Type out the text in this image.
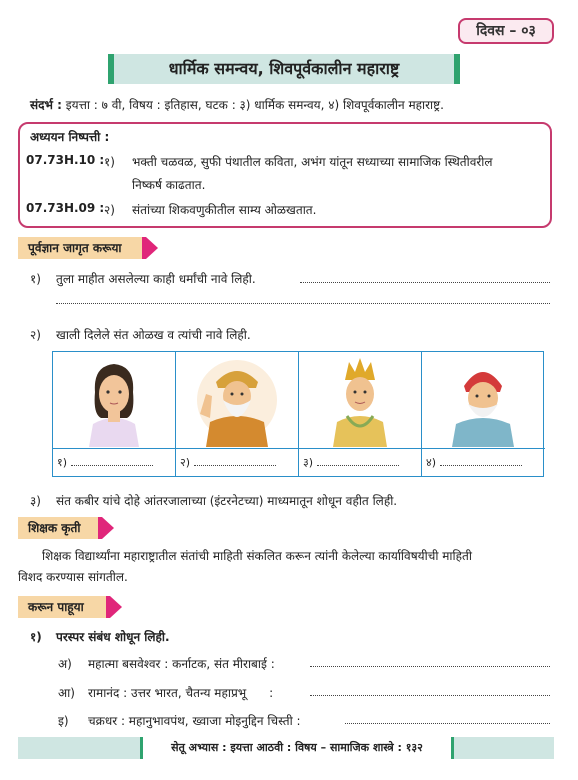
दिवस – ०३
धार्मिक समन्वय, शिवपूर्वकालीन महाराष्ट्र
संदर्भ : इयत्ता : ७ वी, विषय : इतिहास, घटक : ३) धार्मिक समन्वय, ४) शिवपूर्वकालीन महाराष्ट्र.
अध्ययन निष्पत्ती :
07.73H.10 : १) भक्ती चळवळ, सुफी पंथातील कविता, अभंग यांतून सध्याच्या सामाजिक स्थितीवरील
निष्कर्ष काढतात.
07.73H.09 : २) संतांच्या शिकवणुकीतील साम्य ओळखतात.
पूर्वज्ञान जागृत करूया
१) तुला माहीत असलेल्या काही धर्मांची नावे लिही.
२) खाली दिलेले संत ओळख व त्यांची नावे लिही.
१)	२)	३)	४)
३) संत कबीर यांचे दोहे आंतरजालाच्या (इंटरनेटच्या) माध्यमातून शोधून वहीत लिही.
शिक्षक कृती
शिक्षक विद्यार्थ्यांना महाराष्ट्रातील संतांची माहिती संकलित करून त्यांनी केलेल्या कार्याविषयीची माहिती
विशद करण्यास सांगतील.
करून पाहूया
१) परस्पर संबंध शोधून लिही.
अ) महात्मा बसवेश्वर : कर्नाटक, संत मीराबाई :
आ) रामानंद : उत्तर भारत, चैतन्य महाप्रभू      :
इ) चक्रधर : महानुभावपंथ, ख्वाजा मोइनुद्दिन चिस्ती :
सेतू अभ्यास : इयत्ता आठवी : विषय – सामाजिक शास्त्रे : १३२
